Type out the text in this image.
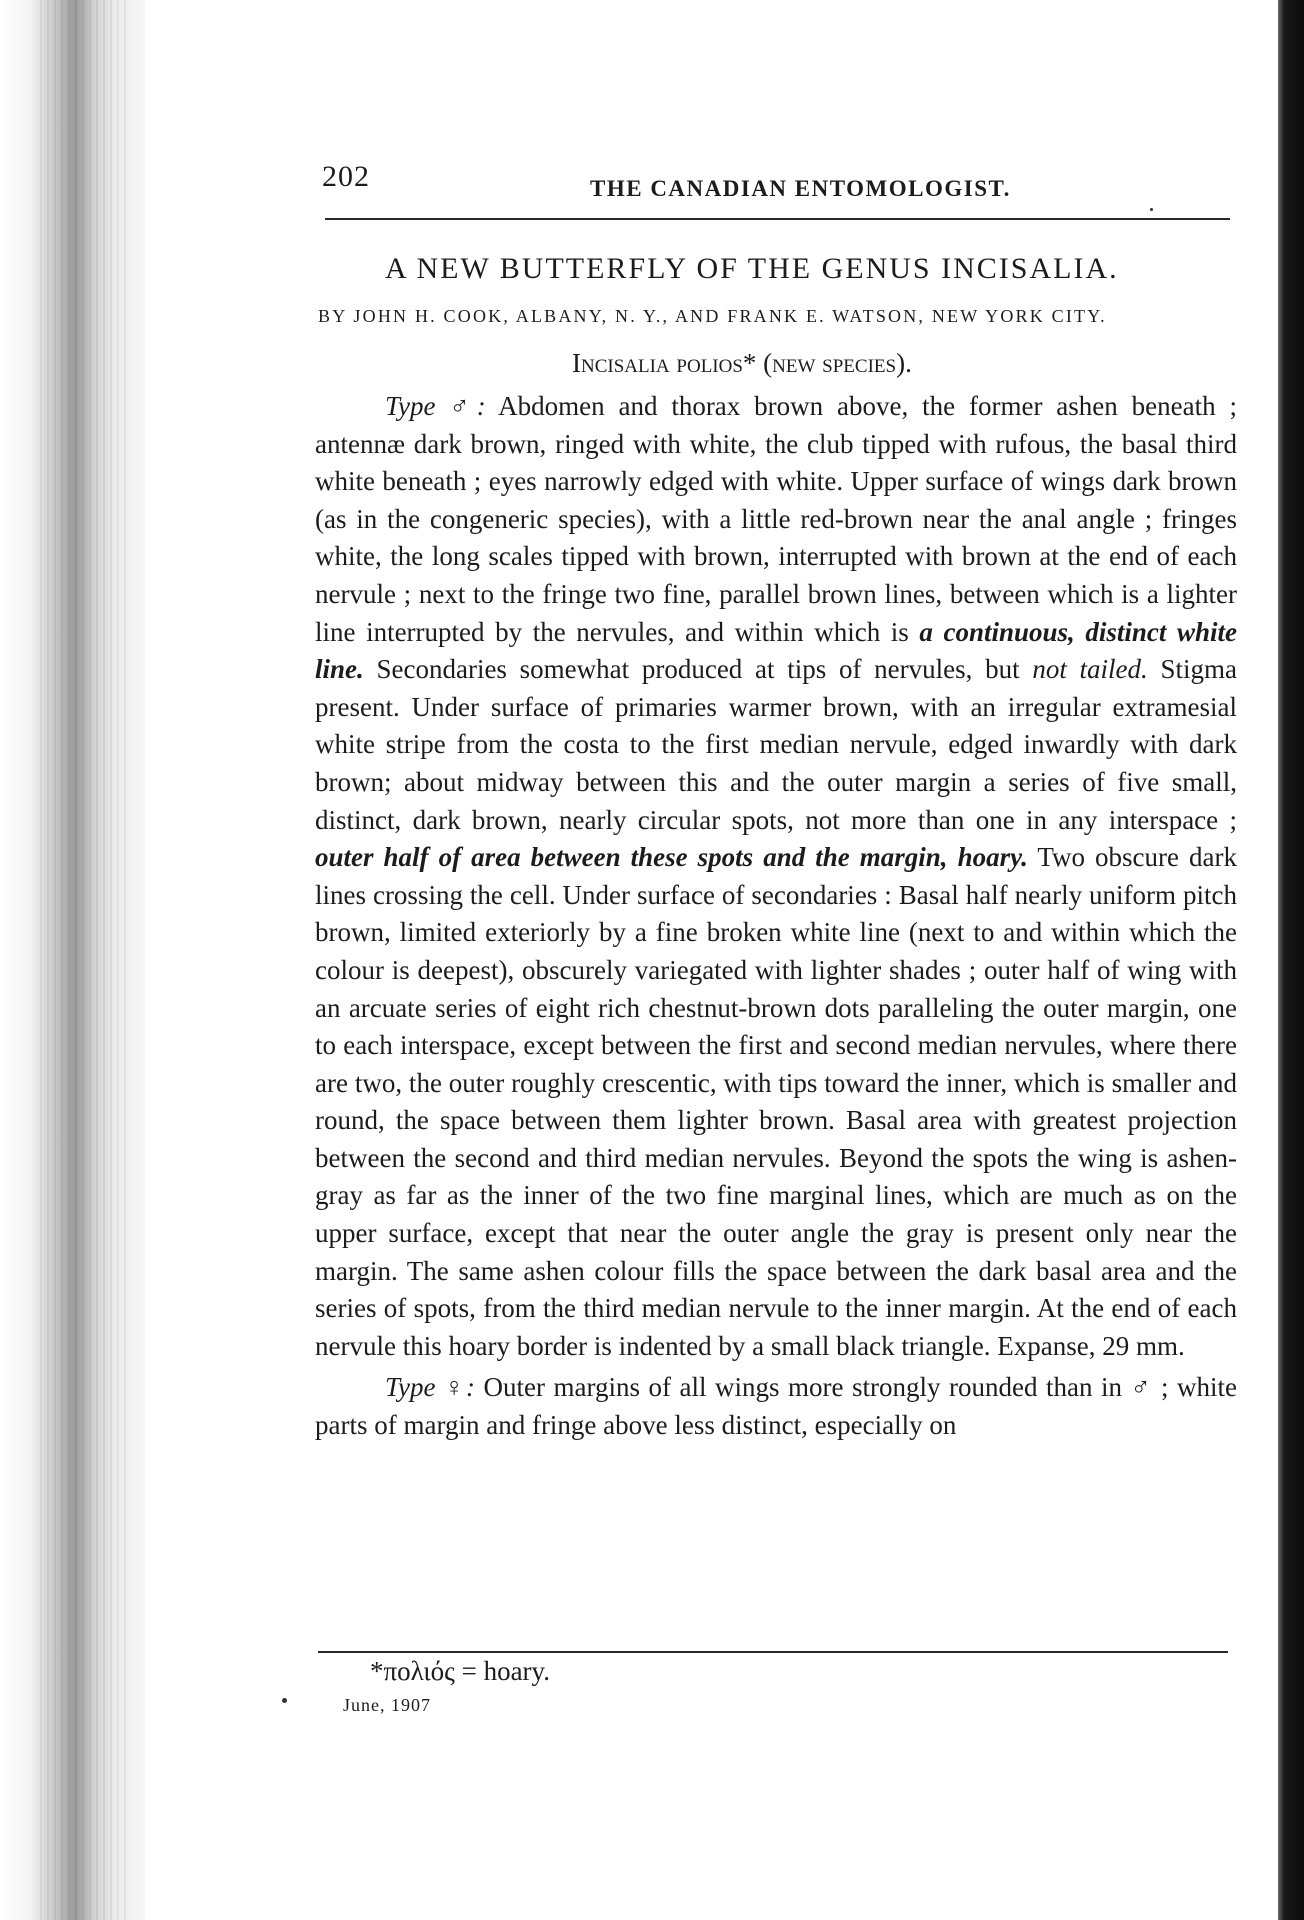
202	THE CANADIAN ENTOMOLOGIST.
A NEW BUTTERFLY OF THE GENUS INCISALIA.
BY JOHN H. COOK, ALBANY, N. Y., AND FRANK E. WATSON, NEW YORK CITY.
Incisalia polios* (new species).

Type ♂: Abdomen and thorax brown above, the former ashen beneath ; antennæ dark brown, ringed with white, the club tipped with rufous, the basal third white beneath ; eyes narrowly edged with white. Upper surface of wings dark brown (as in the congeneric species), with a little red-brown near the anal angle ; fringes white, the long scales tipped with brown, interrupted with brown at the end of each nervule ; next to the fringe two fine, parallel brown lines, between which is a lighter line interrupted by the nervules, and within which is a continuous, distinct white line. Secondaries somewhat produced at tips of nervules, but not tailed. Stigma present. Under surface of primaries warmer brown, with an irregular extramesial white stripe from the costa to the first median nervule, edged inwardly with dark brown; about midway between this and the outer margin a series of five small, distinct, dark brown, nearly circular spots, not more than one in any interspace ; outer half of area between these spots and the margin, hoary. Two obscure dark lines crossing the cell. Under surface of secondaries : Basal half nearly uniform pitch brown, limited exteriorly by a fine broken white line (next to and within which the colour is deepest), obscurely variegated with lighter shades ; outer half of wing with an arcuate series of eight rich chestnut-brown dots paralleling the outer margin, one to each interspace, except between the first and second median nervules, where there are two, the outer roughly crescentic, with tips toward the inner, which is smaller and round, the space between them lighter brown. Basal area with greatest projection between the second and third median nervules. Beyond the spots the wing is ashen-gray as far as the inner of the two fine marginal lines, which are much as on the upper surface, except that near the outer angle the gray is present only near the margin. The same ashen colour fills the space between the dark basal area and the series of spots, from the third median nervule to the inner margin. At the end of each nervule this hoary border is indented by a small black triangle. Expanse, 29 mm.

Type ♀: Outer margins of all wings more strongly rounded than in ♂ ; white parts of margin and fringe above less distinct, especially on

*πολιός = hoary.
June, 1907
